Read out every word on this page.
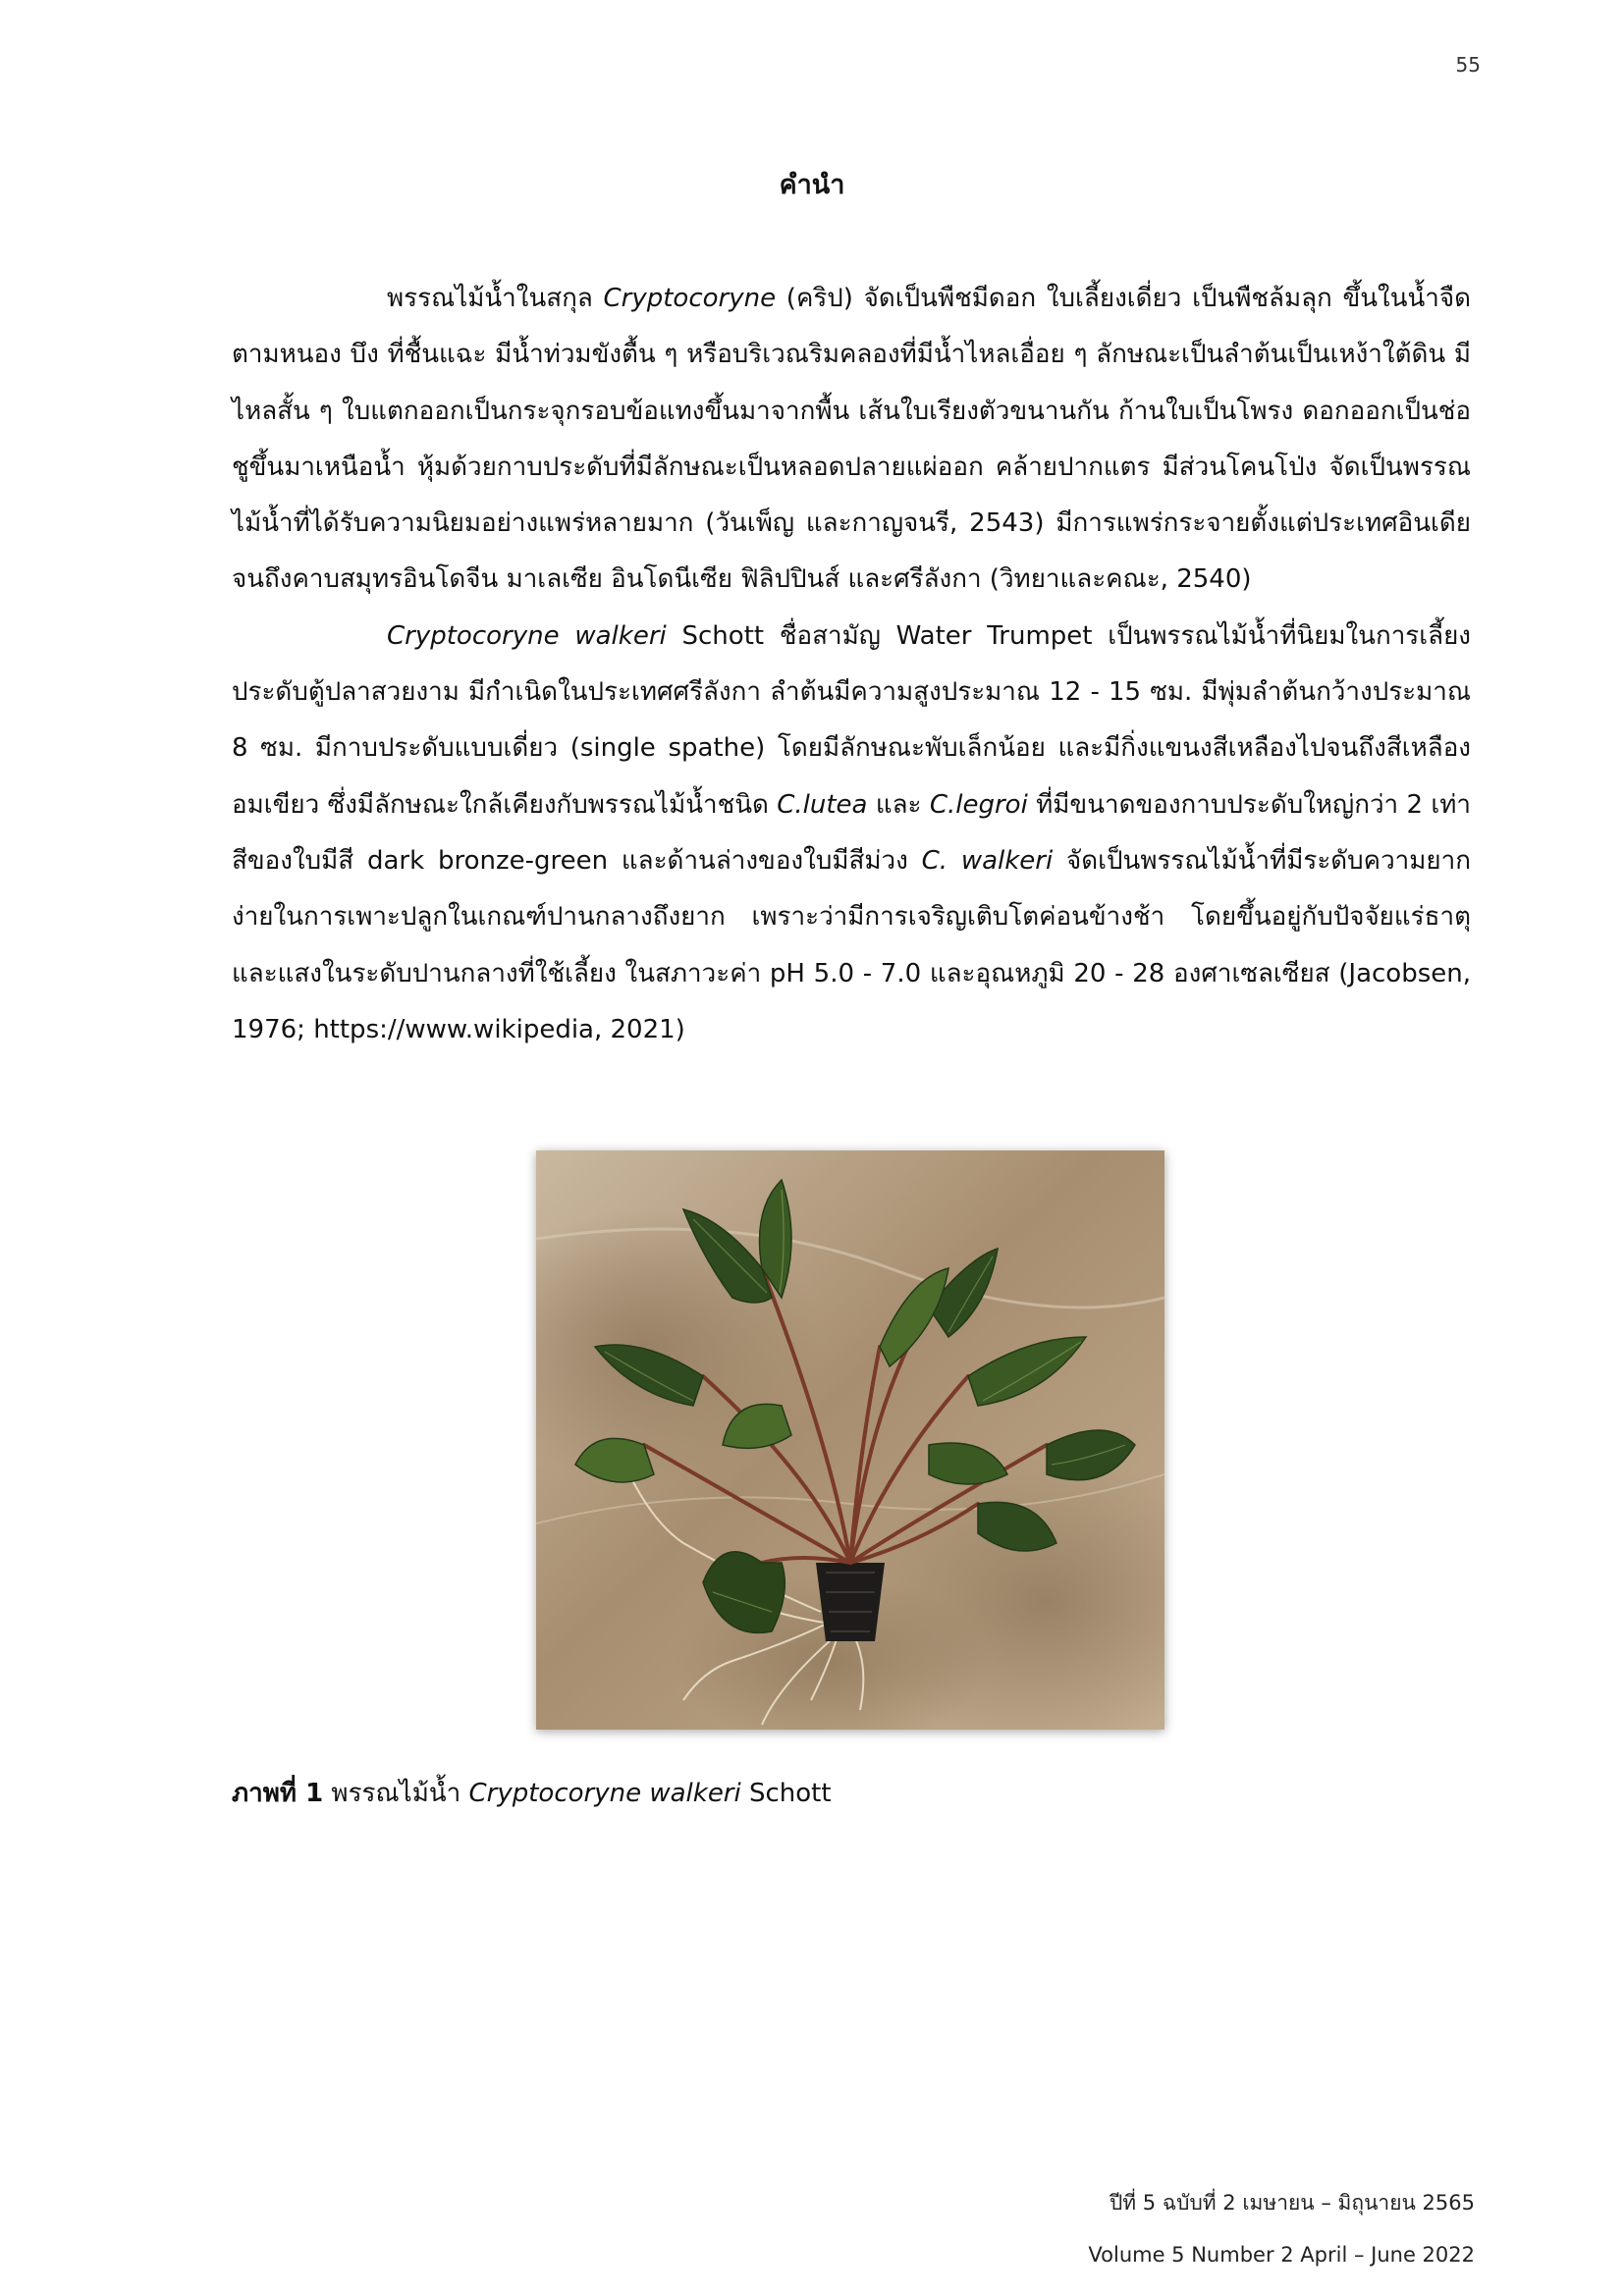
55
คำนำ

พรรณไม้น้ำในสกุล Cryptocoryne (คริป) จัดเป็นพืชมีดอก ใบเลี้ยงเดี่ยว เป็นพืชล้มลุก ขึ้นในน้ำจืด ตามหนอง บึง ที่ชื้นแฉะ มีน้ำท่วมขังตื้น ๆ หรือบริเวณริมคลองที่มีน้ำไหลเอื่อย ๆ ลักษณะเป็นลำต้นเป็นเหง้าใต้ดิน มีไหลสั้น ๆ ใบแตกออกเป็นกระจุกรอบข้อแทงขึ้นมาจากพื้น เส้นใบเรียงตัวขนานกัน ก้านใบเป็นโพรง ดอกออกเป็นช่อชูขึ้นมาเหนือน้ำ หุ้มด้วยกาบประดับที่มีลักษณะเป็นหลอดปลายแผ่ออก คล้ายปากแตร มีส่วนโคนโป่ง จัดเป็นพรรณไม้น้ำที่ได้รับความนิยมอย่างแพร่หลายมาก (วันเพ็ญ และกาญจนรี, 2543) มีการแพร่กระจายตั้งแต่ประเทศอินเดียจนถึงคาบสมุทรอินโดจีน มาเลเซีย อินโดนีเซีย ฟิลิปปินส์ และศรีลังกา (วิทยาและคณะ, 2540)

Cryptocoryne walkeri Schott ชื่อสามัญ Water Trumpet เป็นพรรณไม้น้ำที่นิยมในการเลี้ยงประดับตู้ปลาสวยงาม มีกำเนิดในประเทศศรีลังกา ลำต้นมีความสูงประมาณ 12 - 15 ซม. มีพุ่มลำต้นกว้างประมาณ 8 ซม. มีกาบประดับแบบเดี่ยว (single spathe) โดยมีลักษณะพับเล็กน้อย และมีกิ่งแขนงสีเหลืองไปจนถึงสีเหลืองอมเขียว ซึ่งมีลักษณะใกล้เคียงกับพรรณไม้น้ำชนิด C.lutea และ C.legroi ที่มีขนาดของกาบประดับใหญ่กว่า 2 เท่า สีของใบมีสี dark bronze-green และด้านล่างของใบมีสีม่วง C. walkeri จัดเป็นพรรณไม้น้ำที่มีระดับความยากง่ายในการเพาะปลูกในเกณฑ์ปานกลางถึงยาก เพราะว่ามีการเจริญเติบโตค่อนข้างช้า โดยขึ้นอยู่กับปัจจัยแร่ธาตุและแสงในระดับปานกลางที่ใช้เลี้ยง ในสภาวะค่า pH 5.0 - 7.0 และอุณหภูมิ 20 - 28 องศาเซลเซียส (Jacobsen, 1976; https://www.wikipedia, 2021)

ภาพที่ 1 พรรณไม้น้ำ Cryptocoryne walkeri Schott
ปีที่ 5 ฉบับที่ 2 เมษายน – มิถุนายน 2565
Volume 5 Number 2 April – June 2022
